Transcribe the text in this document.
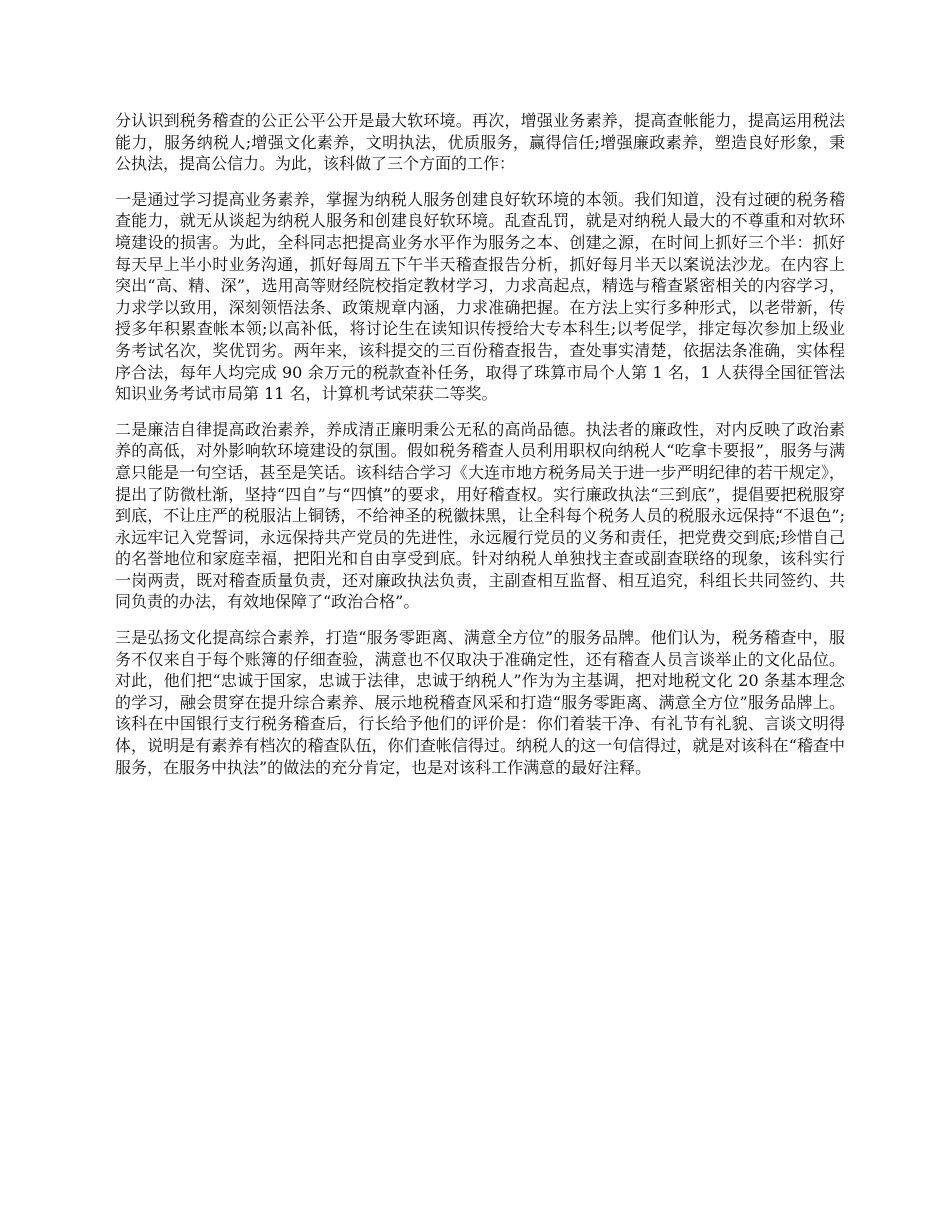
分认识到税务稽查的公正公平公开是最大软环境。再次，增强业务素养，提高查帐能力，提高运用税法能力，服务纳税人;增强文化素养，文明执法，优质服务，赢得信任;增强廉政素养，塑造良好形象，秉公执法，提高公信力。为此，该科做了三个方面的工作：

一是通过学习提高业务素养，掌握为纳税人服务创建良好软环境的本领。我们知道，没有过硬的税务稽查能力，就无从谈起为纳税人服务和创建良好软环境。乱查乱罚，就是对纳税人最大的不尊重和对软环境建设的损害。为此，全科同志把提高业务水平作为服务之本、创建之源，在时间上抓好三个半：抓好每天早上半小时业务沟通，抓好每周五下午半天稽查报告分析，抓好每月半天以案说法沙龙。在内容上突出“高、精、深”，选用高等财经院校指定教材学习，力求高起点，精选与稽查紧密相关的内容学习，力求学以致用，深刻领悟法条、政策规章内涵，力求准确把握。在方法上实行多种形式，以老带新，传授多年积累查帐本领;以高补低，将讨论生在读知识传授给大专本科生;以考促学，排定每次参加上级业务考试名次，奖优罚劣。两年来，该科提交的三百份稽查报告，查处事实清楚，依据法条准确，实体程序合法，每年人均完成 90 余万元的税款查补任务，取得了珠算市局个人第 1 名，1 人获得全国征管法知识业务考试市局第 11 名，计算机考试荣获二等奖。

二是廉洁自律提高政治素养，养成清正廉明秉公无私的高尚品德。执法者的廉政性，对内反映了政治素养的高低，对外影响软环境建设的氛围。假如税务稽查人员利用职权向纳税人“吃拿卡要报”，服务与满意只能是一句空话，甚至是笑话。该科结合学习《大连市地方税务局关于进一步严明纪律的若干规定》，提出了防微杜渐，坚持“四自”与“四慎”的要求，用好稽查权。实行廉政执法“三到底”，提倡要把税服穿到底，不让庄严的税服沾上铜锈，不给神圣的税徽抹黑，让全科每个税务人员的税服永远保持“不退色”;永远牢记入党誓词，永远保持共产党员的先进性，永远履行党员的义务和责任，把党费交到底;珍惜自己的名誉地位和家庭幸福，把阳光和自由享受到底。针对纳税人单独找主查或副查联络的现象，该科实行一岗两责，既对稽查质量负责，还对廉政执法负责，主副查相互监督、相互追究，科组长共同签约、共同负责的办法，有效地保障了“政治合格”。

三是弘扬文化提高综合素养，打造“服务零距离、满意全方位”的服务品牌。他们认为，税务稽查中，服务不仅来自于每个账簿的仔细查验，满意也不仅取决于准确定性，还有稽查人员言谈举止的文化品位。对此，他们把“忠诚于国家，忠诚于法律，忠诚于纳税人”作为为主基调，把对地税文化 20 条基本理念的学习，融会贯穿在提升综合素养、展示地税稽查风采和打造“服务零距离、满意全方位”服务品牌上。该科在中国银行支行税务稽查后，行长给予他们的评价是：你们着装干净、有礼节有礼貌、言谈文明得体，说明是有素养有档次的稽查队伍，你们查帐信得过。纳税人的这一句信得过，就是对该科在“稽查中服务，在服务中执法”的做法的充分肯定，也是对该科工作满意的最好注释。
